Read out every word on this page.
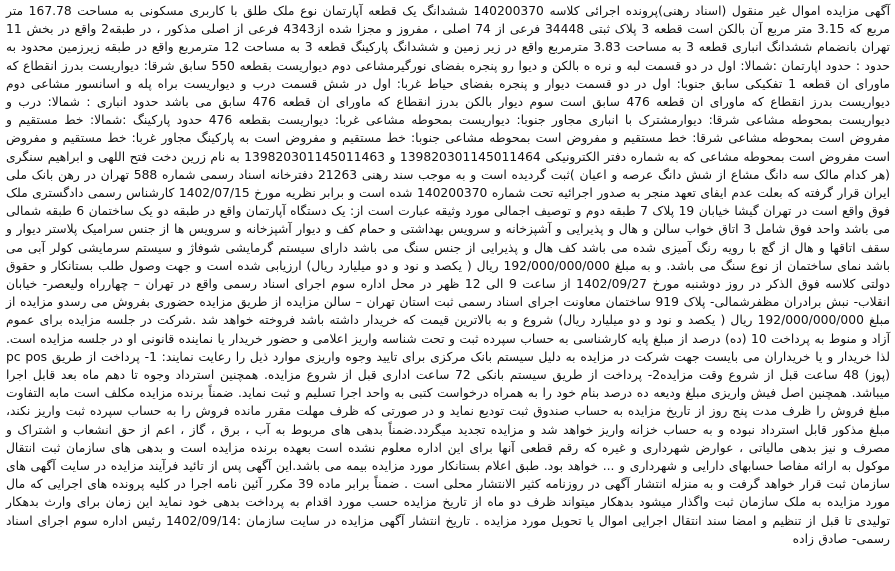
آگهی مزایده اموال غیر منقول (اسناد رهنی)پرونده اجرائی کلاسه 140200370 ششدانگ یک قطعه آپارتمان نوع ملک طلق با کاربری مسکونی به مساحت 167.78 متر مربع که 3.15 متر مربع آن بالکن است قطعه 3 پلاک ثبتی 34448 فرعی از 74 اصلی ، مفروز و مجزا شده از4343 فرعی از اصلی مذکور ، در طبقه2 واقع در بخش 11 تهران بانضمام ششدانگ انباری قطعه 3 به مساحت 3.83 مترمربع واقع در زیر زمین و ششدانگ پارکینگ قطعه 3 به مساحت 12 مترمربع واقع در طبقه زیرزمین محدود به حدود : حدود اپارتمان :شمالا: اول در دو قسمت لبه و نره ه بالکن و دیوا رو پنجره بفضای نورگیرمشاعی دوم دیواریست بقطعه 550 سابق شرقا: دیواریست بدرز انقطاع که ماورای ان قطعه 1 تفکیکی سابق جنوبا: اول در دو قسمت دیوار و پنجره بفضای حیاط غربا: اول در شش قسمت درب و دیواریست براه پله و اسانسور مشاعی دوم دیواریست بدرز انقطاع که ماورای ان قطعه 476 سابق است سوم دیوار بالکن بدرز انقطاع که ماورای ان قطعه 476 سابق می باشد حدود انباری : شمالا: درب و دیواریست بمحوطه مشاعی شرقا: دیوارمشترک با انباری مجاور جنوبا: دیواریست بمحوطه مشاعی غربا: دیواریست بقطعه 476 حدود پارکینگ :شمالا: خط مستقیم و مفروض است بمحوطه مشاعی شرقا: خط مستقیم و مفروض است بمحوطه مشاعی جنوبا: خط مستقیم و مفروض است به پارکینگ مجاور غربا: خط مستقیم و مفروض است مفروض است بمحوطه مشاعی که به شماره دفتر الکترونیکی 139820301145011464 و 139820301145011463 به نام زرین دخت فتح اللهی و ابراهیم سنگری (هر کدام مالک سه دانگ مشاع از شش دانگ عرصه و اعیان )ثبت گردیده است و به موجب سند رهنی 21263 دفترخانه اسناد رسمی شماره 588 تهران در رهن بانک ملی ایران قرار گرفته که بعلت عدم ایفای تعهد منجر به صدور اجرائیه تحت شماره 140200370 شده است و برابر نظریه مورخ 1402/07/15 کارشناس رسمی دادگستری ملک فوق واقع است در تهران گیشا خیابان 19 پلاک 7 طبقه دوم و توصیف اجمالی مورد وثیقه عبارت است از: یک دستگاه آپارتمان واقع در طبقه دو یک ساختمان 6 طبقه شمالی می باشد واحد فوق شامل 3 اتاق خواب سالن و هال و پذیرایی و آشپزخانه و سرویس بهداشتی و حمام کف و دیوار آشپزخانه و سرویس ها از جنس سرامیک پلاستر دیوار و سقف اتاقها و هال از گچ با رویه رنگ آمیزی شده می باشد کف هال و پذیرایی از جنس سنگ می باشد دارای سیستم گرمایشی شوفاژ و سیستم سرمایشی کولر آبی می باشد نمای ساختمان از نوع سنگ می باشد. و به مبلغ 192/000/000/000 ریال ( یکصد و نود و دو میلیارد ریال) ارزیابی شده است و جهت وصول طلب بستانکار و حقوق دولتی کلاسه فوق الذکر در روز دوشنبه مورخ 1402/09/27 از ساعت 9 الی 12 ظهر در محل اداره سوم اجرای اسناد رسمی واقع در تهران – چهارراه ولیعصر- خیابان انقلاب- نبش برادران مظفرشمالی- پلاک 919 ساختمان معاونت اجرای اسناد رسمی ثبت استان تهران – سالن مزایده از طریق مزایده حضوری بفروش می رسدو مزایده از مبلغ 192/000/000/000 ریال ( یکصد و نود و دو میلیارد ریال) شروع و به بالاترین قیمت که خریدار داشته باشد فروخته خواهد شد .شرکت در جلسه مزایده برای عموم آزاد و منوط به پرداخت 10 (ده) درصد از مبلغ پایه کارشناسی به حساب سپرده ثبت و تحت شناسه واریز اعلامی و حضور خریدار یا نماینده قانونی او در جلسه مزایده است. لذا خریدار و یا خریداران می بایست جهت شرکت در مزایده به دلیل سیستم بانک مرکزی برای تایید وجوه واریزی موارد ذیل را رعایت نمایند: 1- پرداخت از طریق pc pos (پوز) 48 ساعت قبل از شروع وقت مزایده2- پرداخت از طریق سیستم بانکی 72 ساعت اداری قبل از شروع مزایده. همچنین استرداد وجوه تا دهم ماه بعد قابل اجرا میباشد. همچنین اصل فیش واریزی مبلغ ودیعه ده درصد بنام خود را به همراه درخواست کتبی به واحد اجرا تسلیم و ثبت نماید. ضمناً برنده مزایده مکلف است مابه التفاوت مبلغ فروش را ظرف مدت پنج روز از تاریخ مزایده به حساب صندوق ثبت تودیع نماید و در صورتی که ظرف مهلت مقرر مانده فروش را به حساب سپرده ثبت واریز نکند، مبلغ مذکور قابل استرداد نبوده و به حساب خزانه واریز خواهد شد و مزایده تجدید میگردد.ضمناً بدهی های مربوط به آب ، برق ، گاز ، اعم از حق انشعاب و اشتراک و مصرف و نیز بدهی مالیاتی ، عوارض شهرداری و غیره که رقم قطعی آنها برای این اداره معلوم نشده است بعهده برنده مزایده است و بدهی های سازمان ثبت انتقال موکول به ارائه مفاصا حسابهای دارایی و شهرداری و ... خواهد بود. طبق اعلام بستانکار مورد مزایده بیمه می باشد.این آگهی پس از تائید فرآیند مزایده در سایت آگهی های سازمان ثبت قرار خواهد گرفت و به منزله انتشار آگهی در روزنامه کثیر الانتشار محلی است . ضمناً برابر ماده 39 مکرر آئین نامه اجرا در کلیه پرونده های اجرایی که مال مورد مزایده به ملک سازمان ثبت واگذار میشود بدهکار میتواند ظرف دو ماه از تاریخ مزایده حسب مورد اقدام به پرداخت بدهی خود نماید این زمان برای وارث بدهکار تولیدی تا قبل از تنظیم و امضا سند انتقال اجرایی اموال یا تحویل مورد مزایده . تاریخ انتشار آگهی مزایده در سایت سازمان :1402/09/14 رئیس اداره سوم اجرای اسناد رسمی- صادق زاده
